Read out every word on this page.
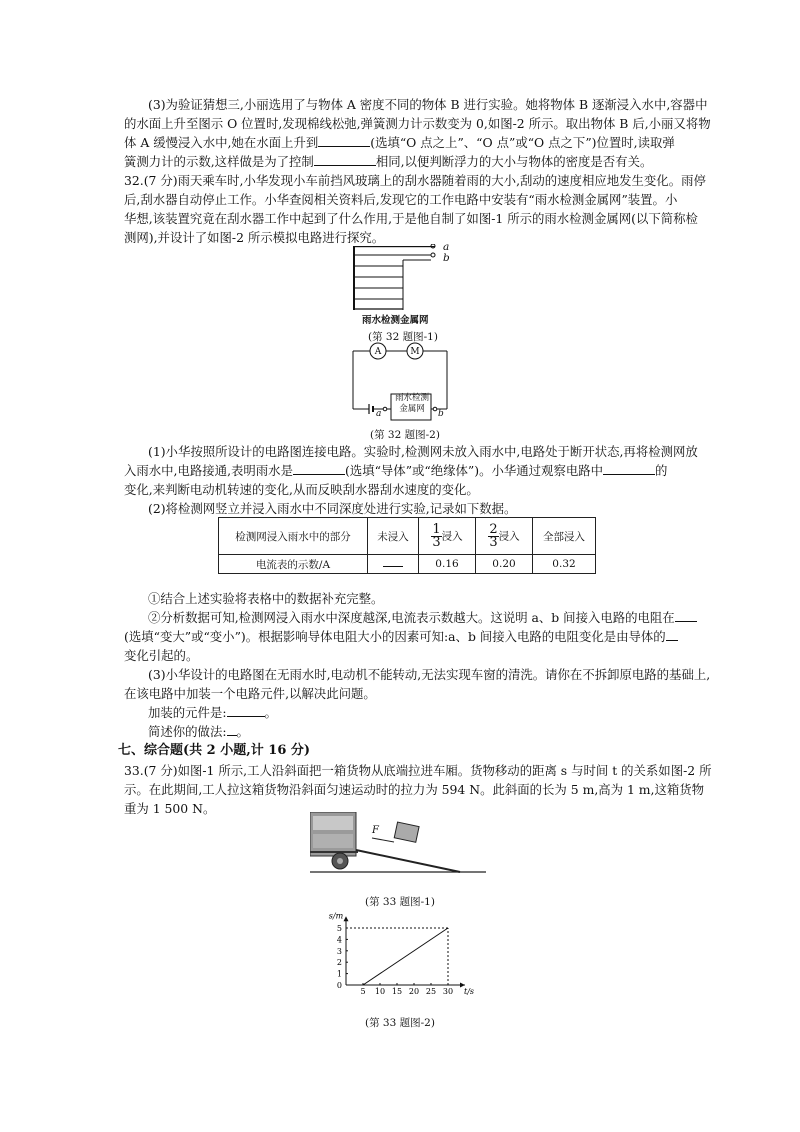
(3)为验证猜想三,小丽选用了与物体 A 密度不同的物体 B 进行实验。她将物体 B 逐渐浸入水中,容器中
的水面上升至图示 O 位置时,发现棉线松弛,弹簧测力计示数变为 0,如图-2 所示。取出物体 B 后,小丽又将物
体 A 缓慢浸入水中,她在水面上升到	(选填“O 点之上”、“O 点”或“O 点之下”)位置时,读取弹
簧测力计的示数,这样做是为了控制	相同,以便判断浮力的大小与物体的密度是否有关。
32.(7 分)雨天乘车时,小华发现小车前挡风玻璃上的刮水器随着雨的大小,刮动的速度相应地发生变化。雨停
后,刮水器自动停止工作。小华查阅相关资料后,发现它的工作电路中安装有“雨水检测金属网”装置。小
华想,该装置究竟在刮水器工作中起到了什么作用,于是他自制了如图-1 所示的雨水检测金属网(以下简称检
测网),并设计了如图-2 所示模拟电路进行探究。
a
b
雨水检测金属网
(第 32 题图-1)
A	M
雨水检测
金属网
a	b
(第 32 题图-2)
(1)小华按照所设计的电路图连接电路。实验时,检测网未放入雨水中,电路处于断开状态,再将检测网放
入雨水中,电路接通,表明雨水是	(选填“导体”或“绝缘体”)。小华通过观察电路中	的
变化,来判断电动机转速的变化,从而反映刮水器刮水速度的变化。
(2)将检测网竖立并浸入雨水中不同深度处进行实验,记录如下数据。
检测网浸入雨水中的部分	未浸入	$\frac{1}{3}$ 浸入	$\frac{2}{3}$ 浸入	全部浸入
电流表的示数/A		0.16	0.20	0.32
①结合上述实验将表格中的数据补充完整。
②分析数据可知,检测网浸入雨水中深度越深,电流表示数越大。这说明 a、b 间接入电路的电阻在
(选填“变大”或“变小”)。根据影响导体电阻大小的因素可知:a、b 间接入电路的电阻变化是由导体的
变化引起的。
(3)小华设计的电路图在无雨水时,电动机不能转动,无法实现车窗的清洗。请你在不拆卸原电路的基础上,
在该电路中加装一个电路元件,以解决此问题。
加装的元件是:	。
简述你的做法: 。
七、综合题(共 2 小题,计 16 分)
33.(7 分)如图-1 所示,工人沿斜面把一箱货物从底端拉进车厢。货物移动的距离 s 与时间 t 的关系如图-2 所
示。在此期间,工人拉这箱货物沿斜面匀速运动时的拉力为 594 N。此斜面的长为 5 m,高为 1 m,这箱货物
重为 1 500 N。
F
(第 33 题图-1)
5 10 15 20 25 30
0
1
2
3
4
5
s/m
t/s
(第 33 题图-2)
